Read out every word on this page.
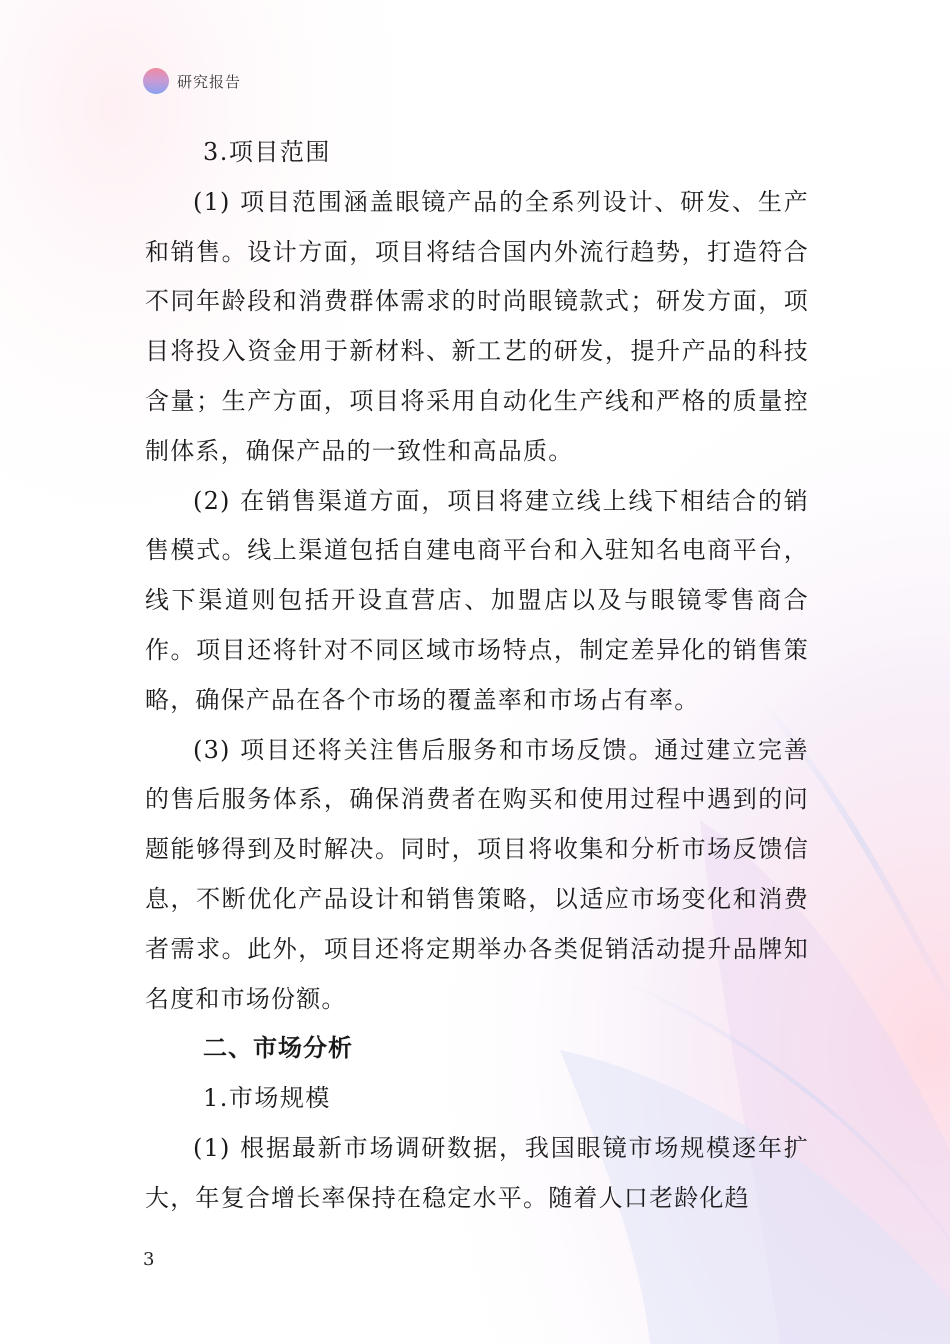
研究报告

3.项目范围

(1) 项目范围涵盖眼镜产品的全系列设计、研发、生产和销售。设计方面，项目将结合国内外流行趋势，打造符合不同年龄段和消费群体需求的时尚眼镜款式；研发方面，项目将投入资金用于新材料、新工艺的研发，提升产品的科技含量；生产方面，项目将采用自动化生产线和严格的质量控制体系，确保产品的一致性和高品质。

(2) 在销售渠道方面，项目将建立线上线下相结合的销售模式。线上渠道包括自建电商平台和入驻知名电商平台，线下渠道则包括开设直营店、加盟店以及与眼镜零售商合作。项目还将针对不同区域市场特点，制定差异化的销售策略，确保产品在各个市场的覆盖率和市场占有率。

(3) 项目还将关注售后服务和市场反馈。通过建立完善的售后服务体系，确保消费者在购买和使用过程中遇到的问题能够得到及时解决。同时，项目将收集和分析市场反馈信息，不断优化产品设计和销售策略，以适应市场变化和消费者需求。此外，项目还将定期举办各类促销活动提升品牌知名度和市场份额。

二、市场分析

1.市场规模

(1) 根据最新市场调研数据，我国眼镜市场规模逐年扩大，年复合增长率保持在稳定水平。随着人口老龄化趋

3
